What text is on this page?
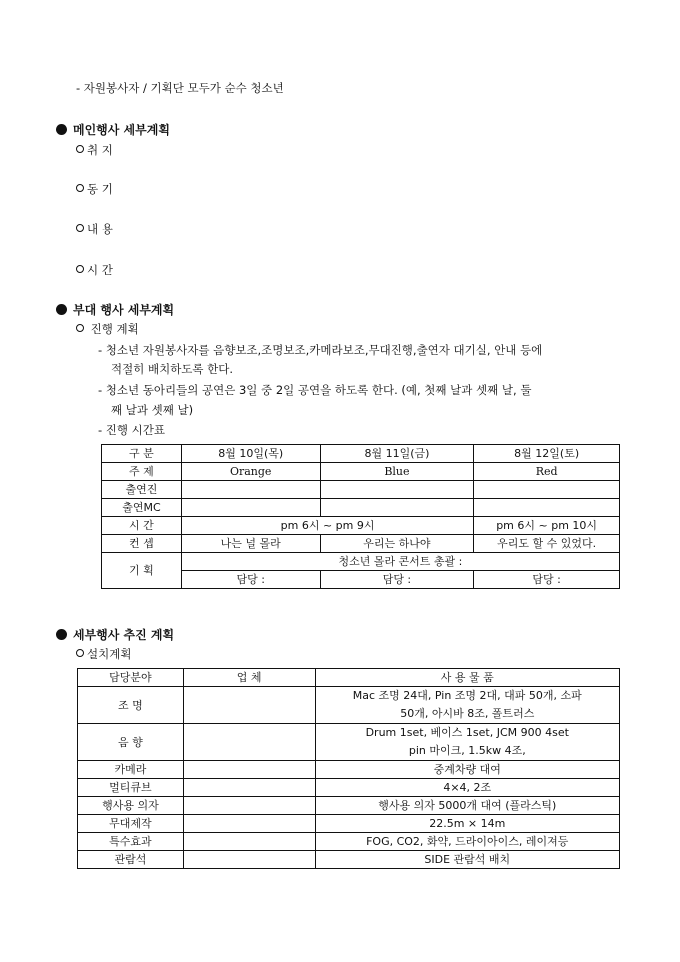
- 자원봉사자 / 기획단 모두가 순수 청소년
메인행사 세부계획
취 지
동 기
내 용
시 간
부대 행사 세부계획
진행 계획
- 청소년 자원봉사자를 음향보조,조명보조,카메라보조,무대진행,출연자 대기실, 안내 등에
적절히 배치하도록 한다.
- 청소년 동아리들의 공연은 3일 중 2일 공연을 하도록 한다. (예, 첫째 날과 셋째 날, 둘
째 날과 셋째 날)
- 진행 시간표
구 분	8월 10일(목)	8월 11일(금)	8월 12일(토)
주 제	Orange	Blue	Red
출연진			
출연MC			
시 간	pm 6시 ~ pm 9시		pm 6시 ~ pm 10시
컨 셉	나는 널 몰라	우리는 하나야	우리도 할 수 있었다.
기 획	청소년 몰라 콘서트 총괄 :		
	담당 :	담당 :	담당 :
세부행사 추진 계획
설치계획
담당분야	업 체	사 용 물 품
조 명		Mac 조명 24대, Pin 조명 2대, 대파 50개, 소파
50개, 아시바 8조, 폴트러스

음 향		Drum 1set, 베이스 1set, JCM 900 4set
pin 마이크, 1.5kw 4조,

카메라		중계차량 대여
멀티큐브		4×4, 2조
행사용 의자		행사용 의자 5000개 대여 (플라스틱)
무대제작		22.5m × 14m
특수효과		FOG, CO2, 화약, 드라이아이스, 레이져등
관람석		SIDE 관람석 배치
